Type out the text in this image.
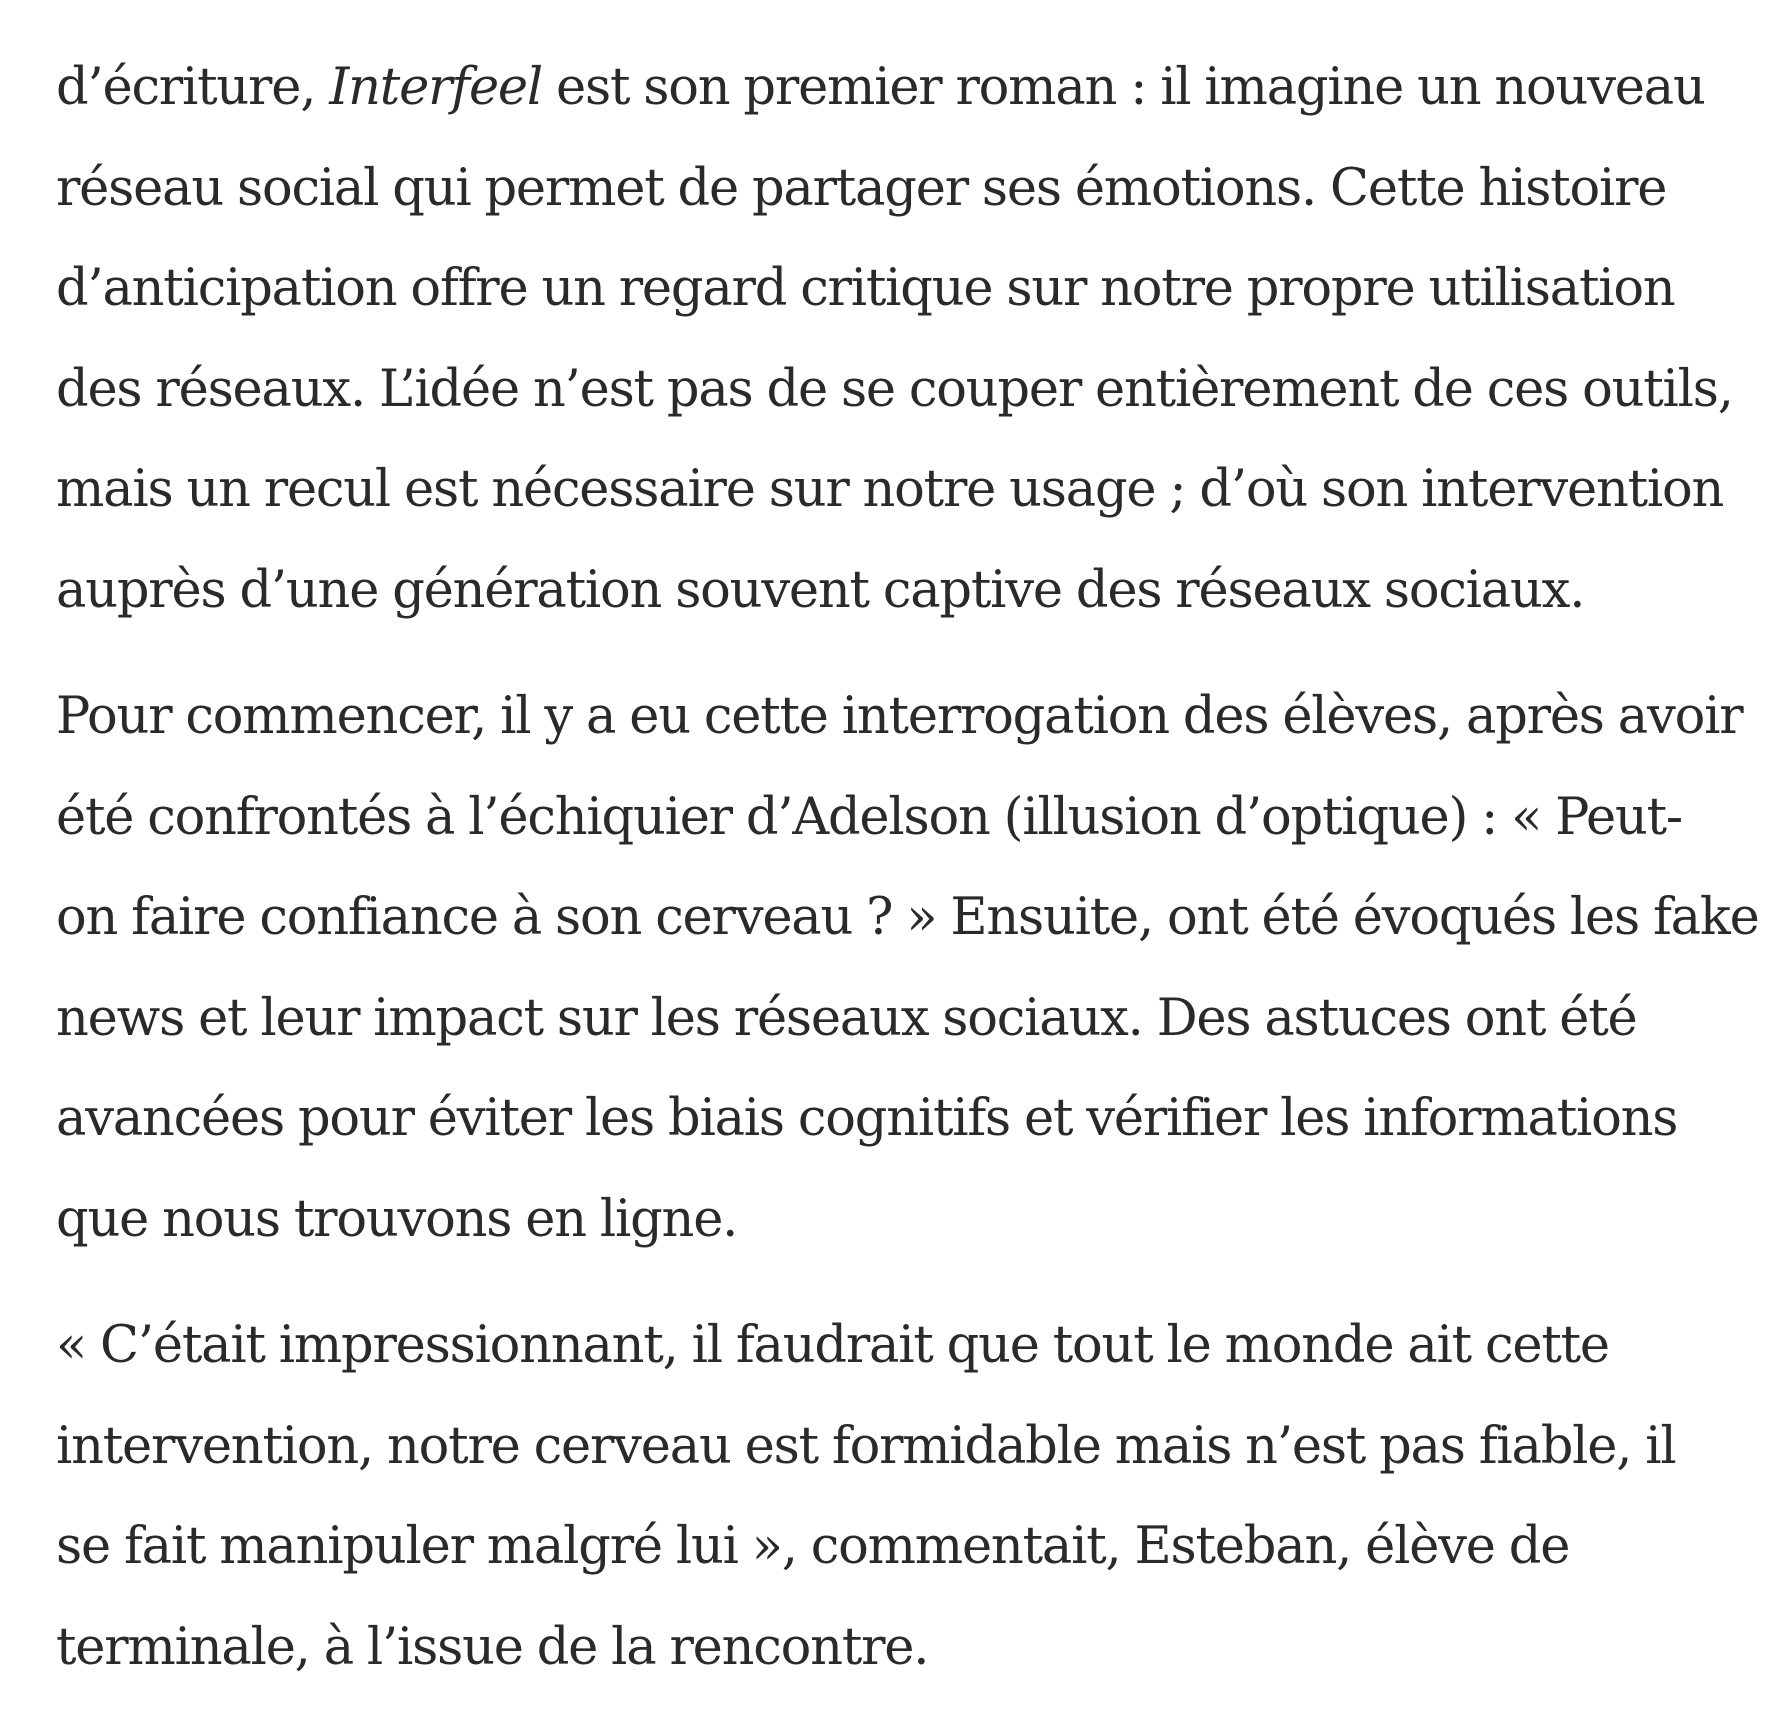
d’écriture, Interfeel est son premier roman : il imagine un nouveau
réseau social qui permet de partager ses émotions. Cette histoire
d’anticipation offre un regard critique sur notre propre utilisation
des réseaux. L’idée n’est pas de se couper entièrement de ces outils,
mais un recul est nécessaire sur notre usage ; d’où son intervention
auprès d’une génération souvent captive des réseaux sociaux.

Pour commencer, il y a eu cette interrogation des élèves, après avoir
été confrontés à l’échiquier d’Adelson (illusion d’optique) : « Peut-
on faire confiance à son cerveau ? » Ensuite, ont été évoqués les fake
news et leur impact sur les réseaux sociaux. Des astuces ont été
avancées pour éviter les biais cognitifs et vérifier les informations
que nous trouvons en ligne.

« C’était impressionnant, il faudrait que tout le monde ait cette
intervention, notre cerveau est formidable mais n’est pas fiable, il
se fait manipuler malgré lui », commentait, Esteban, élève de
terminale, à l’issue de la rencontre.
